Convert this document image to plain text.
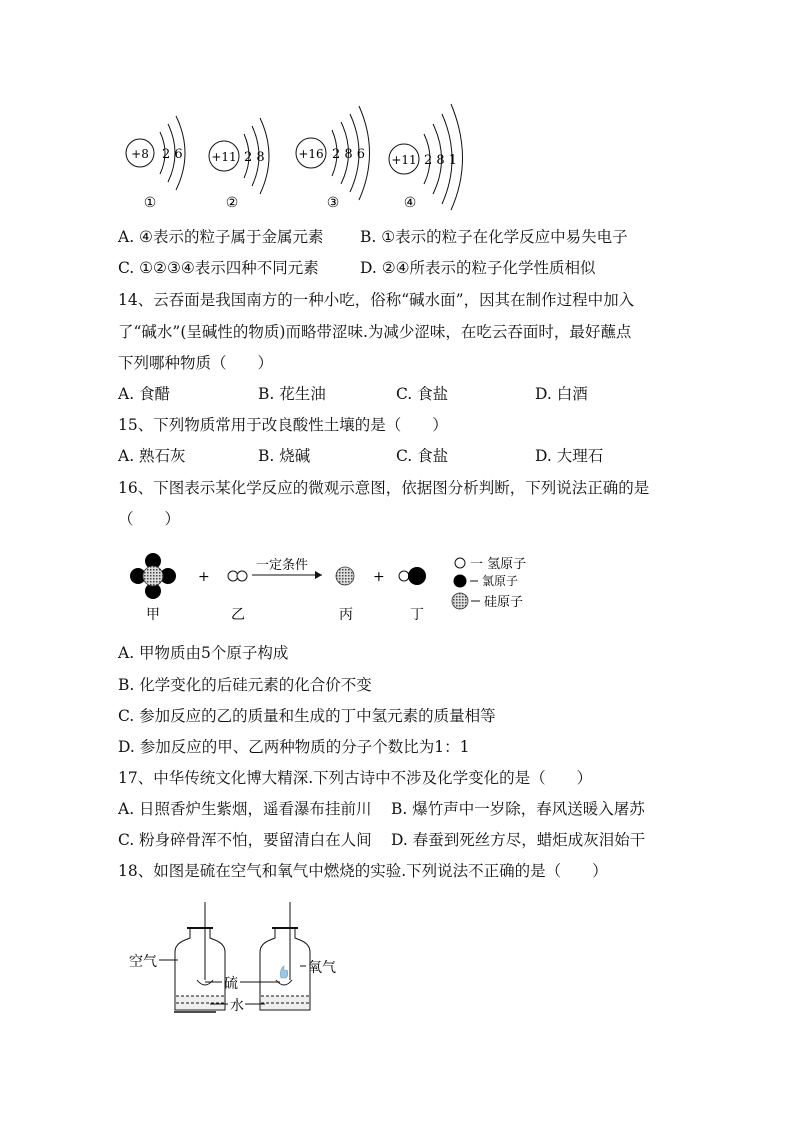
+8 2 6
①
+11 2 8
②
+16 2 8 6
③
+11 2 8 1
④
A. ④表示的粒子属于金属元素 B. ①表示的粒子在化学反应中易失电子
C. ①②③④表示四种不同元素	D. ②④所表示的粒子化学性质相似
14、云吞面是我国南方的一种小吃，俗称“碱水面”，因其在制作过程中加入
了“碱水”(呈碱性的物质)而略带涩味.为减少涩味，在吃云吞面时，最好蘸点
下列哪种物质（　　）
A. 食醋	B. 花生油	C. 食盐	D. 白酒
15、下列物质常用于改良酸性土壤的是（　　）
A. 熟石灰	B. 烧碱	C. 食盐	D. 大理石
16、下图表示某化学反应的微观示意图，依据图分析判断，下列说法正确的是
（　　）
+
一定条件
+
甲	乙	丙	丁
一 氢原子
氯原子
硅原子
A. 甲物质由5个原子构成
B. 化学变化的后硅元素的化合价不变
C. 参加反应的乙的质量和生成的丁中氢元素的质量相等
D. 参加反应的甲、乙两种物质的分子个数比为1：1
17、中华传统文化博大精深.下列古诗中不涉及化学变化的是（　　）
A. 日照香炉生紫烟，遥看瀑布挂前川 B. 爆竹声中一岁除，春风送暖入屠苏
C. 粉身碎骨浑不怕，要留清白在人间 D. 春蚕到死丝方尽，蜡炬成灰泪始干
18、如图是硫在空气和氧气中燃烧的实验.下列说法不正确的是（　　）
空气
硫
水
氧气
